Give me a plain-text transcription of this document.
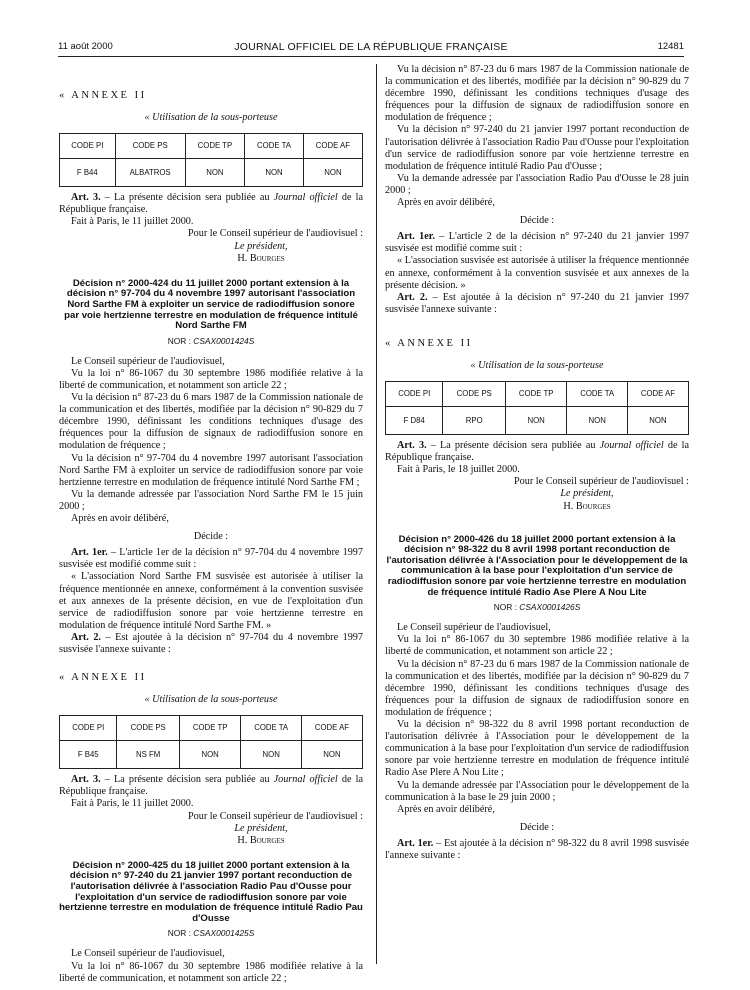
11 août 2000	JOURNAL OFFICIEL DE LA RÉPUBLIQUE FRANÇAISE	12481

« ANNEXE II

« Utilisation de la sous-porteuse

CODE PI	CODE PS	CODE TP	CODE TA	CODE AF
F B44	ALBATROS	NON	NON	NON

Art. 3. – La présente décision sera publiée au Journal officiel de la République française.

Fait à Paris, le 11 juillet 2000.

Pour le Conseil supérieur de l'audiovisuel :

Le président,

H. Bourges

Décision n° 2000-424 du 11 juillet 2000 portant extension à la décision n° 97-704 du 4 novembre 1997 autorisant l'association Nord Sarthe FM à exploiter un service de radiodiffusion sonore par voie hertzienne terrestre en modulation de fréquence intitulé Nord Sarthe FM

NOR : CSAX0001424S

Le Conseil supérieur de l'audiovisuel,

Vu la loi n° 86-1067 du 30 septembre 1986 modifiée relative à la liberté de communication, et notamment son article 22 ;

Vu la décision n° 87-23 du 6 mars 1987 de la Commission nationale de la communication et des libertés, modifiée par la décision n° 90-829 du 7 décembre 1990, définissant les conditions techniques d'usage des fréquences pour la diffusion de signaux de radiodiffusion sonore en modulation de fréquence ;

Vu la décision n° 97-704 du 4 novembre 1997 autorisant l'association Nord Sarthe FM à exploiter un service de radiodiffusion sonore par voie hertzienne terrestre en modulation de fréquence intitulé Nord Sarthe FM ;

Vu la demande adressée par l'association Nord Sarthe FM le 15 juin 2000 ;

Après en avoir délibéré,

Décide :

Art. 1er. – L'article 1er de la décision n° 97-704 du 4 novembre 1997 susvisée est modifié comme suit :

« L'association Nord Sarthe FM susvisée est autorisée à utiliser la fréquence mentionnée en annexe, conformément à la convention susvisée et aux annexes de la présente décision, en vue de l'exploitation d'un service de radiodiffusion sonore par voie hertzienne terrestre en modulation de fréquence intitulé Nord Sarthe FM. »

Art. 2. – Est ajoutée à la décision n° 97-704 du 4 novembre 1997 susvisée l'annexe suivante :

« ANNEXE II

« Utilisation de la sous-porteuse

CODE PI	CODE PS	CODE TP	CODE TA	CODE AF
F B45	NS FM	NON	NON	NON

Art. 3. – La présente décision sera publiée au Journal officiel de la République française.

Fait à Paris, le 11 juillet 2000.

Pour le Conseil supérieur de l'audiovisuel :

Le président,

H. Bourges

Décision n° 2000-425 du 18 juillet 2000 portant extension à la décision n° 97-240 du 21 janvier 1997 portant reconduction de l'autorisation délivrée à l'association Radio Pau d'Ousse pour l'exploitation d'un service de radiodiffusion sonore par voie hertzienne terrestre en modulation de fréquence intitulé Radio Pau d'Ousse

NOR : CSAX0001425S

Le Conseil supérieur de l'audiovisuel,

Vu la loi n° 86-1067 du 30 septembre 1986 modifiée relative à la liberté de communication, et notamment son article 22 ;

Vu la décision n° 87-23 du 6 mars 1987 de la Commission nationale de la communication et des libertés, modifiée par la décision n° 90-829 du 7 décembre 1990, définissant les conditions techniques d'usage des fréquences pour la diffusion de signaux de radiodiffusion sonore en modulation de fréquence ;

Vu la décision n° 97-240 du 21 janvier 1997 portant reconduction de l'autorisation délivrée à l'association Radio Pau d'Ousse pour l'exploitation d'un service de radiodiffusion sonore par voie hertzienne terrestre en modulation de fréquence intitulé Radio Pau d'Ousse ;

Vu la demande adressée par l'association Radio Pau d'Ousse le 28 juin 2000 ;

Après en avoir délibéré,

Décide :

Art. 1er. – L'article 2 de la décision n° 97-240 du 21 janvier 1997 susvisée est modifié comme suit :

« L'association susvisée est autorisée à utiliser la fréquence mentionnée en annexe, conformément à la convention susvisée et aux annexes de la présente décision. »

Art. 2. – Est ajoutée à la décision n° 97-240 du 21 janvier 1997 susvisée l'annexe suivante :

« ANNEXE II

« Utilisation de la sous-porteuse

CODE PI	CODE PS	CODE TP	CODE TA	CODE AF
F D84	RPO	NON	NON	NON

Art. 3. – La présente décision sera publiée au Journal officiel de la République française.

Fait à Paris, le 18 juillet 2000.

Pour le Conseil supérieur de l'audiovisuel :

Le président,

H. Bourges

Décision n° 2000-426 du 18 juillet 2000 portant extension à la décision n° 98-322 du 8 avril 1998 portant reconduction de l'autorisation délivrée à l'Association pour le développement de la communication à la base pour l'exploitation d'un service de radiodiffusion sonore par voie hertzienne terrestre en modulation de fréquence intitulé Radio Ase Plere A Nou Lite

NOR : CSAX0001426S

Le Conseil supérieur de l'audiovisuel,

Vu la loi n° 86-1067 du 30 septembre 1986 modifiée relative à la liberté de communication, et notamment son article 22 ;

Vu la décision n° 87-23 du 6 mars 1987 de la Commission nationale de la communication et des libertés, modifiée par la décision n° 90-829 du 7 décembre 1990, définissant les conditions techniques d'usage des fréquences pour la diffusion de signaux de radiodiffusion sonore en modulation de fréquence ;

Vu la décision n° 98-322 du 8 avril 1998 portant reconduction de l'autorisation délivrée à l'Association pour le développement de la communication à la base pour l'exploitation d'un service de radiodiffusion sonore par voie hertzienne terrestre en modulation de fréquence intitulé Radio Ase Plere A Nou Lite ;

Vu la demande adressée par l'Association pour le développement de la communication à la base le 29 juin 2000 ;

Après en avoir délibéré,

Décide :

Art. 1er. – Est ajoutée à la décision n° 98-322 du 8 avril 1998 susvisée l'annexe suivante :
